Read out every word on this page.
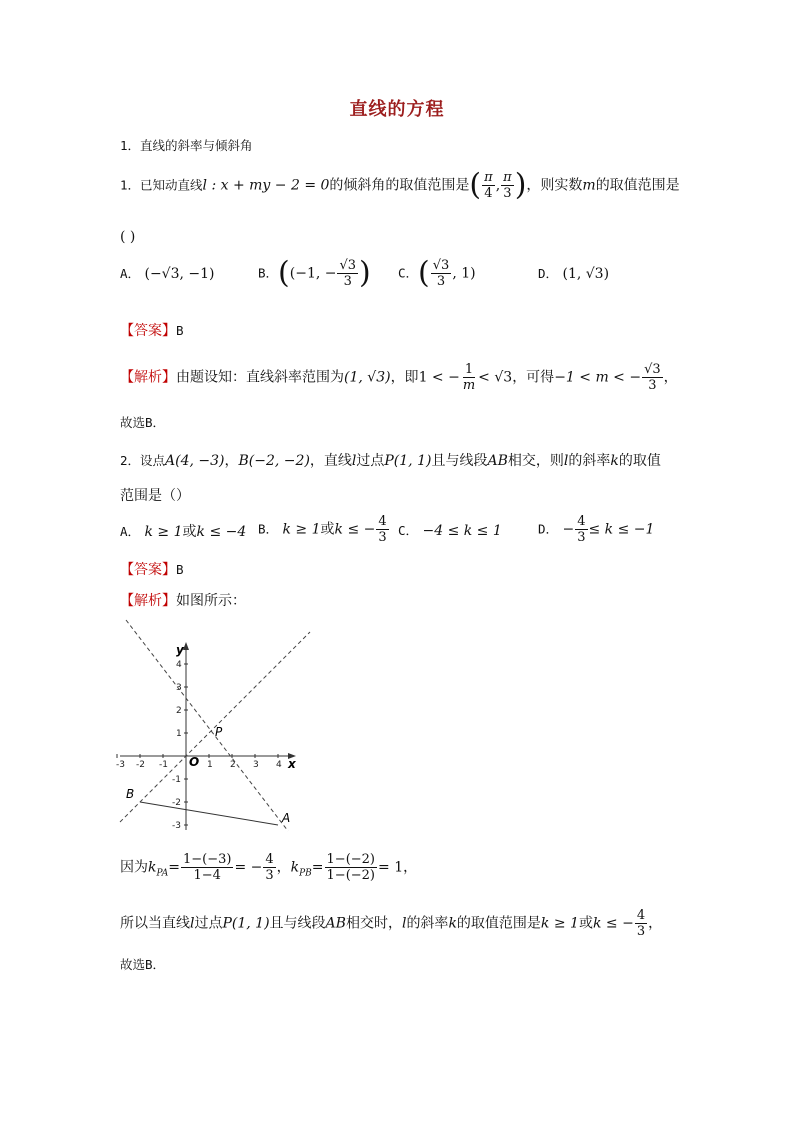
直线的方程
1．直线的斜率与倾斜角
1．已知动直线l : x + my − 2 = 0的倾斜角的取值范围是( $\frac{\pi}{4}$ , $\frac{\pi}{3}$ )，则实数m的取值范围是
( )
A． (−√3, −1)	B．((−1, − $\frac{√3}{3}$ ) C．( $\frac{√3}{3}$ , 1)	D． (1, √3)
【答案】B
【解析】由题设知：直线斜率范围为(1, √3)，即1 < − $\frac{1}{m} < √3$，可得−1 < m < − $\frac{√3}{3}$ ，
故选B．
2．设点A(4, −3)，B(−2, −2)，直线l过点P(1, 1)且与线段AB相交，则l的斜率k的取值
范围是（）
A． k ≥ 1或k ≤ −4 B． k ≥ 1或k ≤ − $\frac{4}{3}$ C． −4 ≤ k ≤ 1	D． − $\frac{4}{3} \le k \le -1$
【答案】B
【解析】如图所示：
-3 -2 -1	1 2 3 4
4
3
2
1
-1
-2
-3
x
y
O
P
A
B
因为$k_{PA}= \frac{1-(-3)}{1-4}$ = − $\frac{4}{3}$ ，$k_{PB}= \frac{1-(-2)}{1-(-2)} = 1$，
所以当直线l过点P(1, 1)且与线段AB相交时，l的斜率k的取值范围是k ≥ 1或k ≤ − $\frac{4}{3}$ ，
故选B．
